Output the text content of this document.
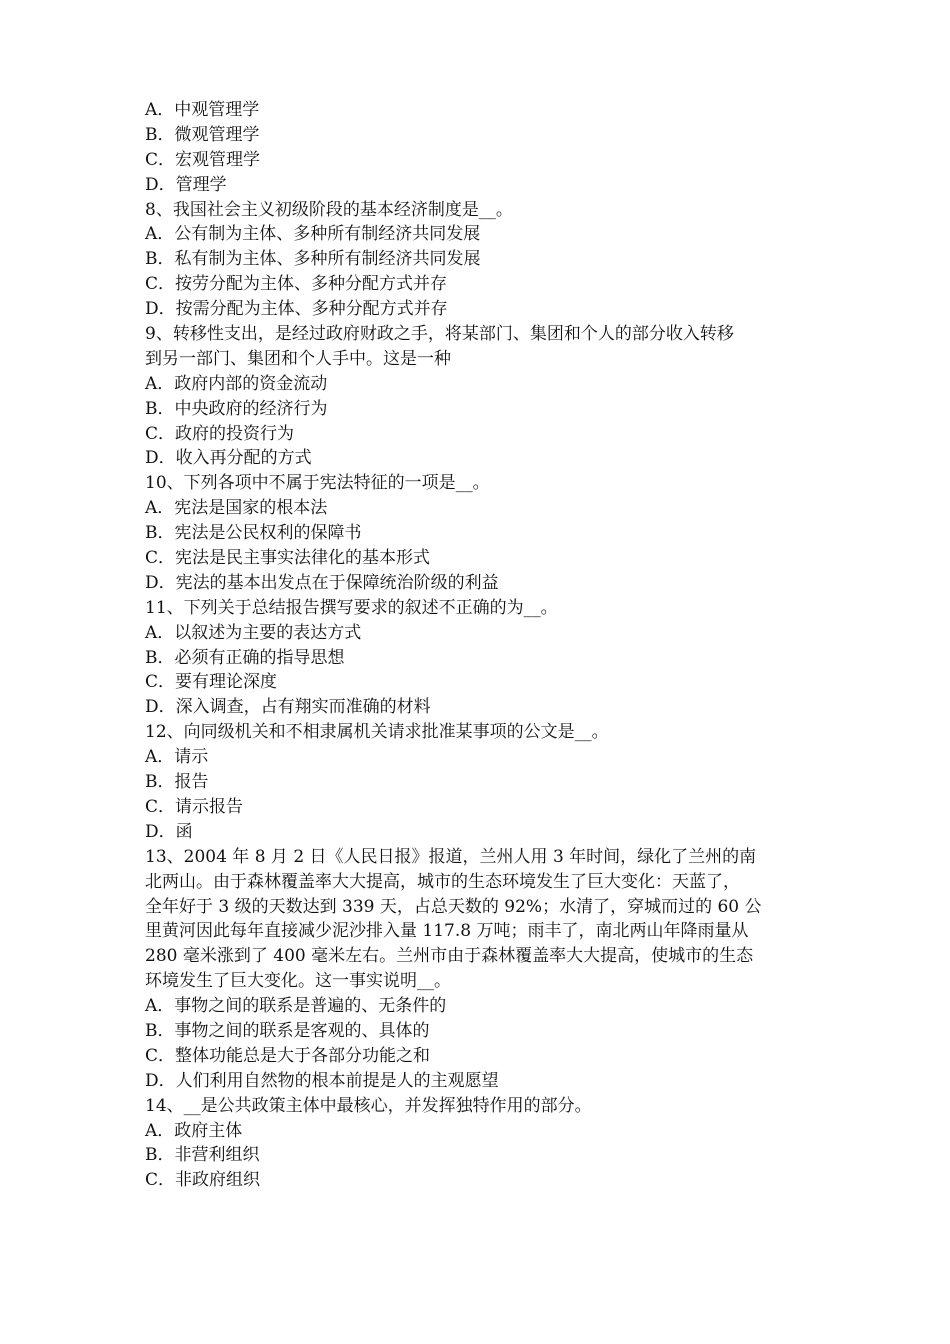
A．中观管理学
B．微观管理学
C．宏观管理学
D．管理学
8、我国社会主义初级阶段的基本经济制度是__。
A．公有制为主体、多种所有制经济共同发展
B．私有制为主体、多种所有制经济共同发展
C．按劳分配为主体、多种分配方式并存
D．按需分配为主体、多种分配方式并存
9、转移性支出，是经过政府财政之手，将某部门、集团和个人的部分收入转移
到另一部门、集团和个人手中。这是一种
A．政府内部的资金流动
B．中央政府的经济行为
C．政府的投资行为
D．收入再分配的方式
10、下列各项中不属于宪法特征的一项是__。
A．宪法是国家的根本法
B．宪法是公民权利的保障书
C．宪法是民主事实法律化的基本形式
D．宪法的基本出发点在于保障统治阶级的利益
11、下列关于总结报告撰写要求的叙述不正确的为__。
A．以叙述为主要的表达方式
B．必须有正确的指导思想
C．要有理论深度
D．深入调查，占有翔实而准确的材料
12、向同级机关和不相隶属机关请求批准某事项的公文是__。
A．请示
B．报告
C．请示报告
D．函
13、2004 年 8 月 2 日《人民日报》报道，兰州人用 3 年时间，绿化了兰州的南
北两山。由于森林覆盖率大大提高，城市的生态环境发生了巨大变化：天蓝了，
全年好于 3 级的天数达到 339 天，占总天数的 92%；水清了，穿城而过的 60 公
里黄河因此每年直接减少泥沙排入量 117.8 万吨；雨丰了，南北两山年降雨量从
280 毫米涨到了 400 毫米左右。兰州市由于森林覆盖率大大提高，使城市的生态
环境发生了巨大变化。这一事实说明__。
A．事物之间的联系是普遍的、无条件的
B．事物之间的联系是客观的、具体的
C．整体功能总是大于各部分功能之和
D．人们利用自然物的根本前提是人的主观愿望
14、__是公共政策主体中最核心，并发挥独特作用的部分。
A．政府主体
B．非营利组织
C．非政府组织
